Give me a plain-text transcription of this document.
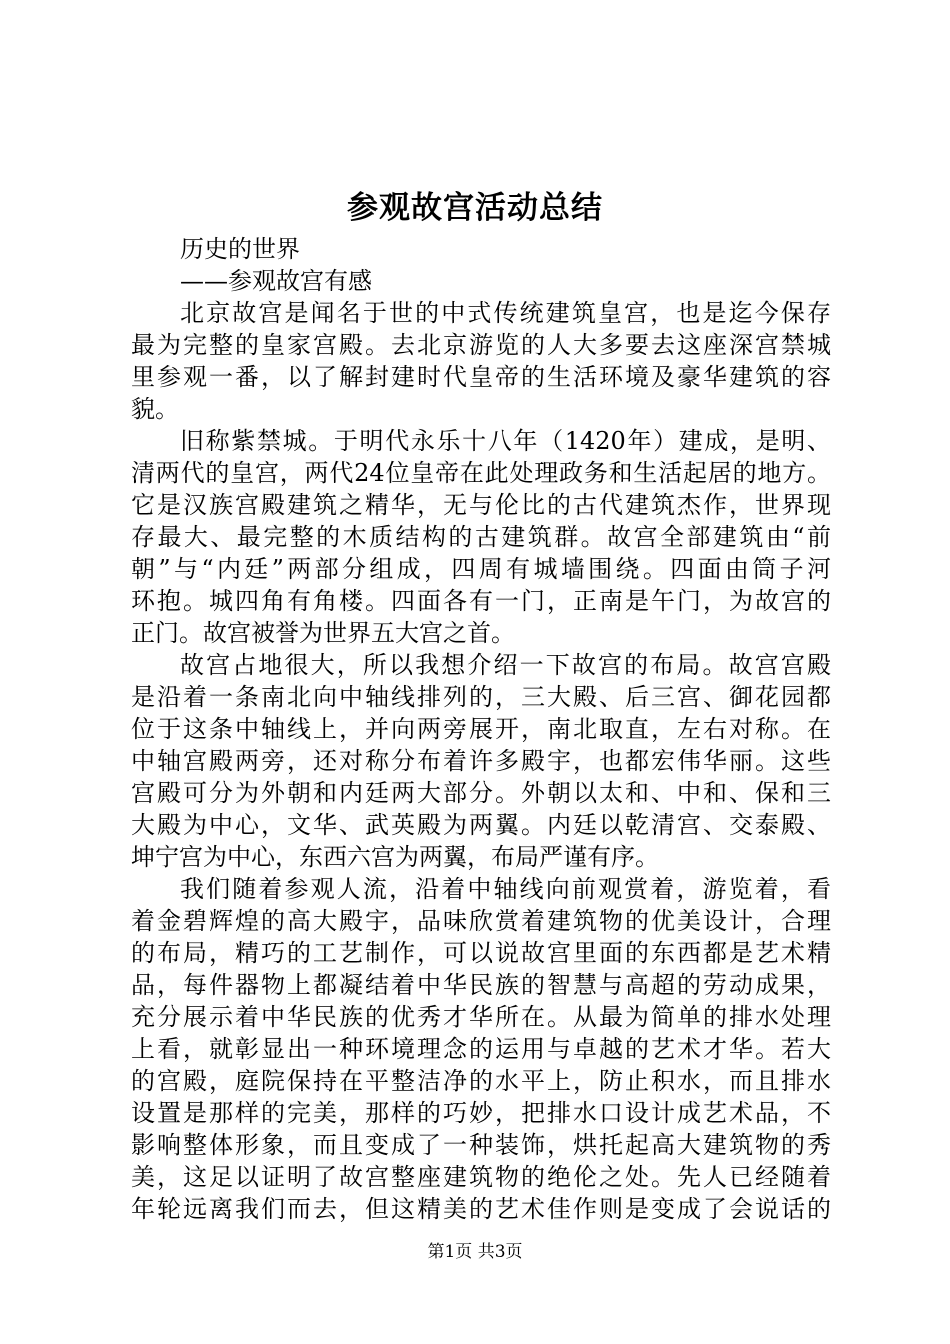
参观故宫活动总结
历史的世界
——参观故宫有感
北京故宫是闻名于世的中式传统建筑皇宫，也是迄今保存
最为完整的皇家宫殿。去北京游览的人大多要去这座深宫禁城
里参观一番，以了解封建时代皇帝的生活环境及豪华建筑的容
貌。
旧称紫禁城。于明代永乐十八年（1420年）建成，是明、
清两代的皇宫，两代24位皇帝在此处理政务和生活起居的地方。
它是汉族宫殿建筑之精华，无与伦比的古代建筑杰作，世界现
存最大、最完整的木质结构的古建筑群。故宫全部建筑由“前
朝”与“内廷”两部分组成，四周有城墙围绕。四面由筒子河
环抱。城四角有角楼。四面各有一门，正南是午门，为故宫的
正门。故宫被誉为世界五大宫之首。
故宫占地很大，所以我想介绍一下故宫的布局。故宫宫殿
是沿着一条南北向中轴线排列的，三大殿、后三宫、御花园都
位于这条中轴线上，并向两旁展开，南北取直，左右对称。在
中轴宫殿两旁，还对称分布着许多殿宇，也都宏伟华丽。这些
宫殿可分为外朝和内廷两大部分。外朝以太和、中和、保和三
大殿为中心，文华、武英殿为两翼。内廷以乾清宫、交泰殿、
坤宁宫为中心，东西六宫为两翼，布局严谨有序。
我们随着参观人流，沿着中轴线向前观赏着，游览着，看
着金碧辉煌的高大殿宇，品味欣赏着建筑物的优美设计，合理
的布局，精巧的工艺制作，可以说故宫里面的东西都是艺术精
品，每件器物上都凝结着中华民族的智慧与高超的劳动成果，
充分展示着中华民族的优秀才华所在。从最为简单的排水处理
上看，就彰显出一种环境理念的运用与卓越的艺术才华。若大
的宫殿，庭院保持在平整洁净的水平上，防止积水，而且排水
设置是那样的完美，那样的巧妙，把排水口设计成艺术品，不
影响整体形象，而且变成了一种装饰，烘托起高大建筑物的秀
美，这足以证明了故宫整座建筑物的绝伦之处。先人已经随着
年轮远离我们而去，但这精美的艺术佳作则是变成了会说话的
第1页 共3页
